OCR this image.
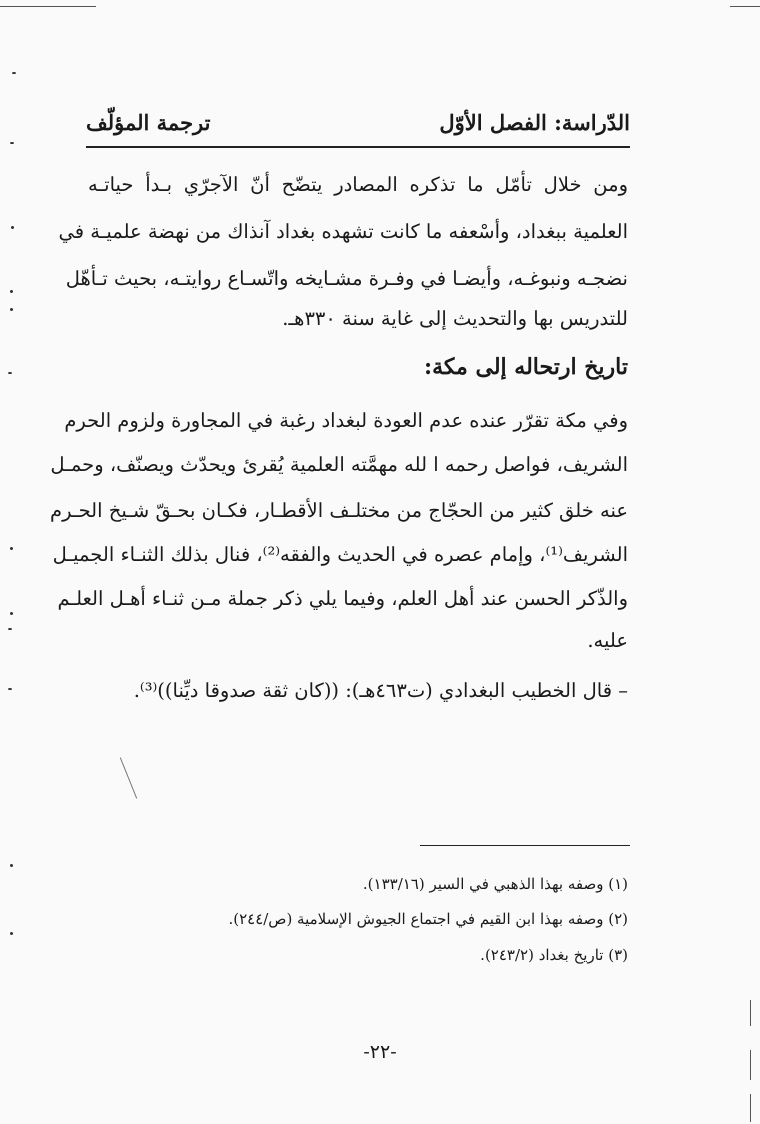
ترجمة المؤلّف	الدّراسة: الفصل الأوّل
ومن خلال تأمّل ما تذكره المصادر يتضّح أنّ الآجرّي بـدأ حياتـه
العلمية ببغداد، وأسْعفه ما كانت تشهده بغداد آنذاك من نهضة علميـة في
نضجـه ونبوغـه، وأيضـا في وفـرة مشـايخه واتّسـاع روايتـه، بحيث تـأهّل
للتدريس بها والتحديث إلى غاية سنة ٣٣٠هـ.
تاريخ ارتحاله إلى مكة:
وفي مكة تقرّر عنده عدم العودة لبغداد رغبة في المجاورة ولزوم الحرم
الشريف، فواصل رحمه ا لله مهمَّته العلمية يُقرئ ويحدّث ويصنّف، وحمـل
عنه خلق كثير من الحجّاج من مختلـف الأقطـار، فكـان بحـقّ شـيخ الحـرم
الشريف⁽¹⁾، وإمام عصره في الحديث والفقه⁽²⁾، فنال بذلك الثنـاء الجميـل
والذّكر الحسن عند أهل العلم، وفيما يلي ذكر جملة مـن ثنـاء أهـل العلـم
عليه.
– قال الخطيب البغدادي (ت٤٦٣هـ): ((كان ثقة صدوقا ديِّنا))⁽³⁾.
(١) وصفه بهذا الذهبي في السير (١٣٣/١٦).
(٢) وصفه بهذا ابن القيم في اجتماع الجيوش الإسلامية (ص/٢٤٤).
(٣) تاريخ بغداد (٢٤٣/٢).
-٢٢-
